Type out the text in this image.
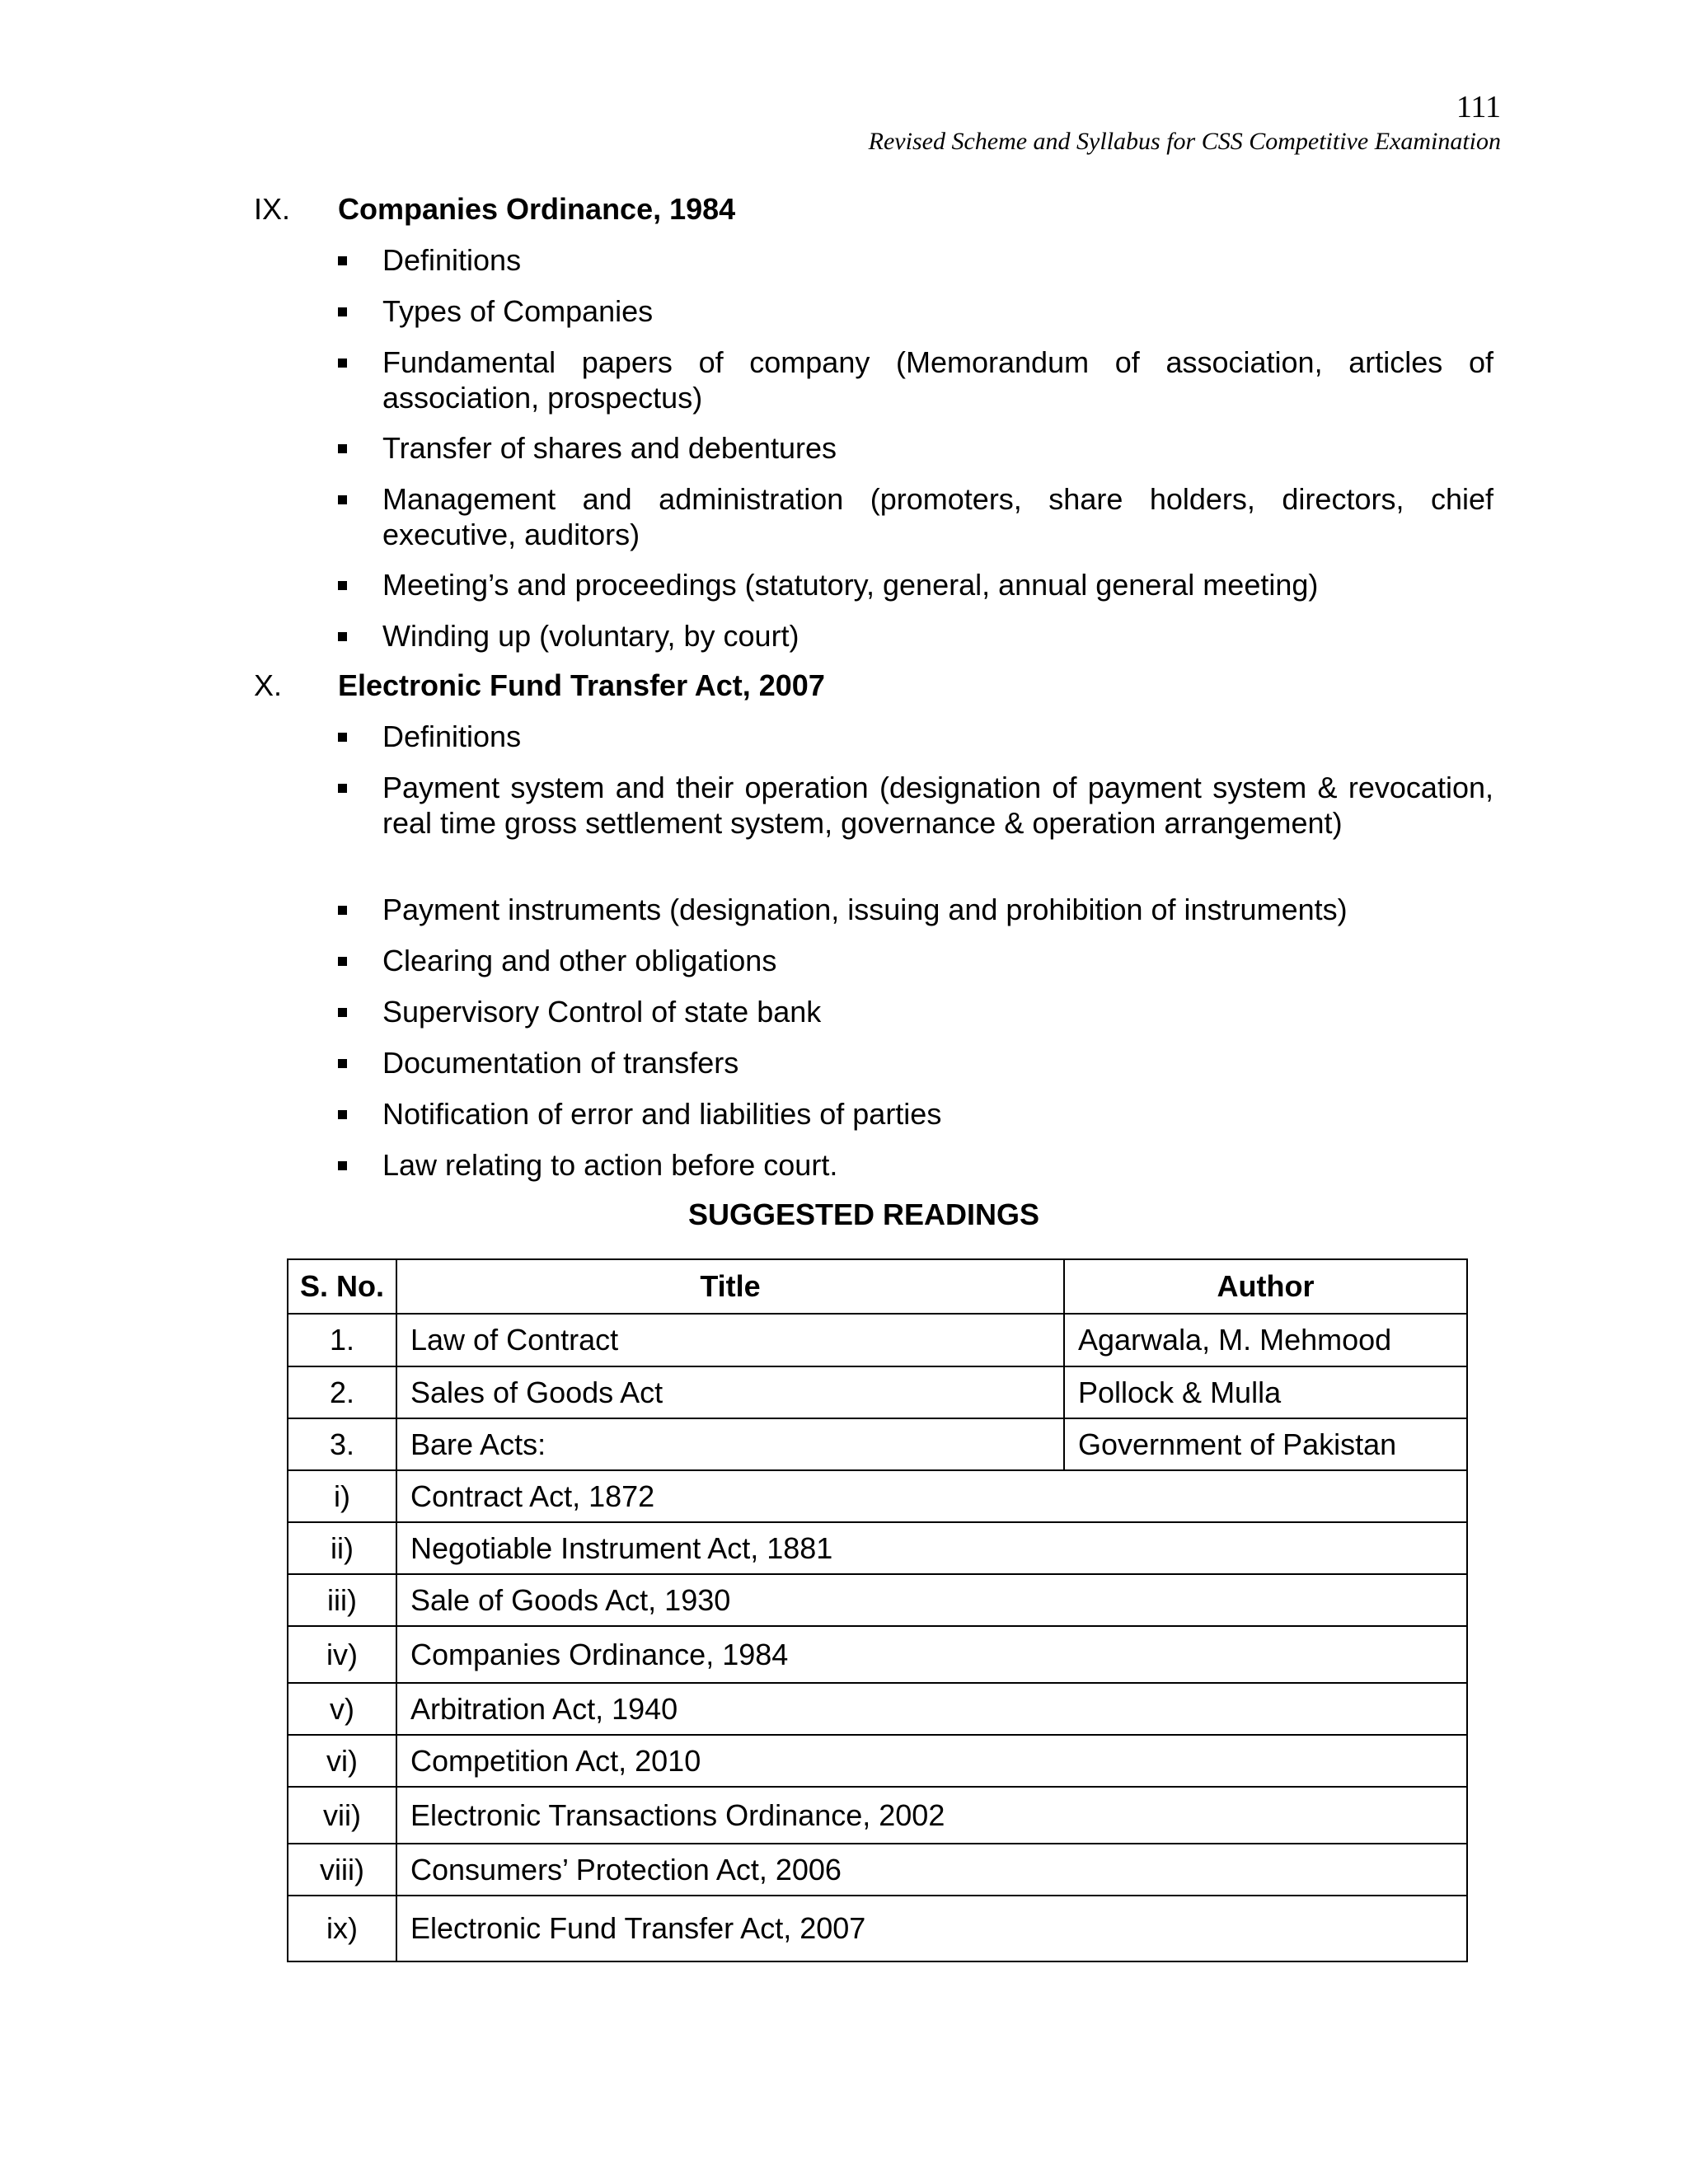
111
Revised Scheme and Syllabus for CSS Competitive Examination
IX. Companies Ordinance, 1984
Definitions
Types of Companies
Fundamental papers of company (Memorandum of association, articles of association, prospectus)
Transfer of shares and debentures
Management and administration (promoters, share holders, directors, chief executive, auditors)
Meeting’s and proceedings (statutory, general, annual general meeting)
Winding up (voluntary, by court)
X. Electronic Fund Transfer Act, 2007
Definitions
Payment system and their operation (designation of payment system & revocation, real time gross settlement system, governance & operation arrangement)
Payment instruments (designation, issuing and prohibition of instruments)
Clearing and other obligations
Supervisory Control of state bank
Documentation of transfers
Notification of error and liabilities of parties
Law relating to action before court.
SUGGESTED READINGS
S. No.	Title	Author
1.	Law of Contract	Agarwala, M. Mehmood
2.	Sales of Goods Act	Pollock & Mulla
3.	Bare Acts:	Government of Pakistan
i)	Contract Act, 1872	
ii)	Negotiable Instrument Act, 1881	
iii)	Sale of Goods Act, 1930	
iv)	Companies Ordinance, 1984	
v)	Arbitration Act, 1940	
vi)	Competition Act, 2010	
vii)	Electronic Transactions Ordinance, 2002	
viii)	Consumers’ Protection Act, 2006	
ix)	Electronic Fund Transfer Act, 2007	
